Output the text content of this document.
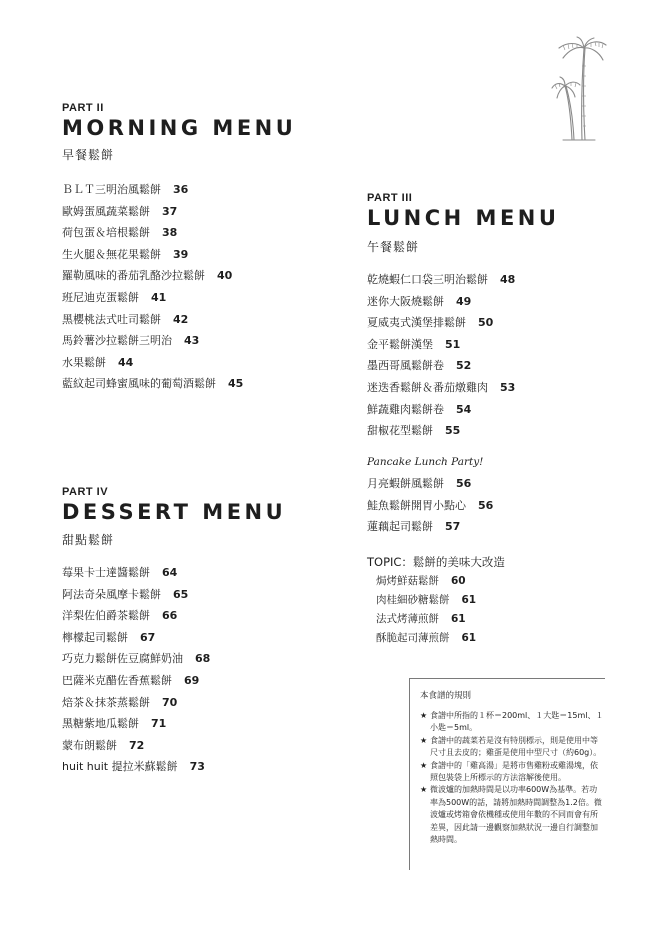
PART II
MORNING MENU
早餐鬆餅
ＢＬＴ三明治風鬆餅 36
歐姆蛋風蔬菜鬆餅 37
荷包蛋＆培根鬆餅 38
生火腿＆無花果鬆餅 39
羅勒風味的番茄乳酪沙拉鬆餅 40
班尼迪克蛋鬆餅 41
黑櫻桃法式吐司鬆餅 42
馬鈴薯沙拉鬆餅三明治 43
水果鬆餅 44
藍紋起司蜂蜜風味的葡萄酒鬆餅 45
PART III
LUNCH MENU
午餐鬆餅
乾燒蝦仁口袋三明治鬆餅 48
迷你大阪燒鬆餅 49
夏威夷式漢堡排鬆餅 50
金平鬆餅漢堡 51
墨西哥風鬆餅卷 52
迷迭香鬆餅＆番茄燉雞肉 53
鮮蔬雞肉鬆餅卷 54
甜椒花型鬆餅 55
Pancake Lunch Party!
月亮蝦餅風鬆餅 56
鮭魚鬆餅開胃小點心 56
蓮藕起司鬆餅 57
TOPIC：鬆餅的美味大改造
焗烤鮮菇鬆餅 60
肉桂細砂糖鬆餅 61
法式烤薄煎餅 61
酥脆起司薄煎餅 61
PART IV
DESSERT MENU
甜點鬆餅
莓果卡士達醬鬆餅 64
阿法奇朵風摩卡鬆餅 65
洋梨佐伯爵茶鬆餅 66
檸檬起司鬆餅 67
巧克力鬆餅佐豆腐鮮奶油 68
巴薩米克醋佐香蕉鬆餅 69
焙茶＆抹茶蒸鬆餅 70
黑糖紫地瓜鬆餅 71
蒙布朗鬆餅 72
huit huit 提拉米蘇鬆餅 73
本食譜的規則
★ 食譜中所指的１杯＝200ml、１大匙＝15ml、１小匙＝5ml。
★ 食譜中的蔬菜若是沒有特別標示，則是使用中等尺寸且去皮的；雞蛋是使用中型尺寸（約60g）。
★ 食譜中的「雞高湯」是將市售雞粉或雞湯塊，依照包裝袋上所標示的方法溶解後使用。
★ 微波爐的加熱時間是以功率600W為基準。若功率為500W的話，請將加熱時間調整為1.2倍。微波爐或烤箱會依機種或使用年數的不同而會有所差異，因此請一邊觀察加熱狀況一邊自行調整加熱時間。
